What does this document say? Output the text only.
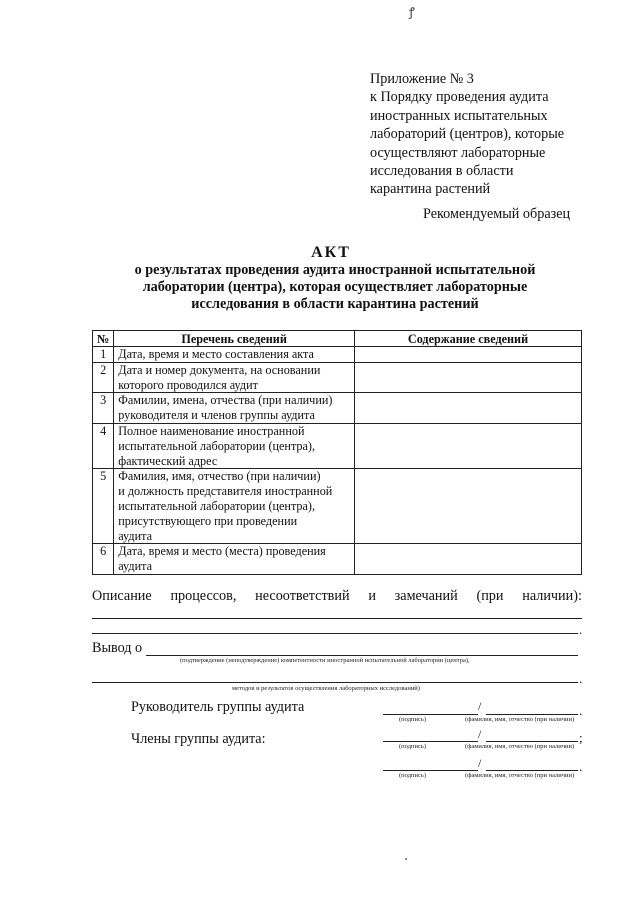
ꝭ
Приложение № 3
к Порядку проведения аудита
иностранных испытательных
лабораторий (центров), которые
осуществляют лабораторные
исследования в области
карантина растений
Рекомендуемый образец
АКТ
о результатах проведения аудита иностранной испытательной
лаборатории (центра), которая осуществляет лабораторные
исследования в области карантина растений
№	Перечень сведений	Содержание сведений
1	Дата, время и место составления акта	

2	Дата и номер документа, на основании
которого проводился аудит	

3	Фамилии, имена, отчества (при наличии)
руководителя и членов группы аудита	

4	Полное наименование иностранной
испытательной лаборатории (центра),
фактический адрес	

5	Фамилия, имя, отчество (при наличии)
и должность представителя иностранной
испытательной лаборатории (центра),
присутствующего при проведении
аудита	

6	Дата, время и место (места) проведения
аудита	

Описание процессов, несоответствий и замечаний (при наличии):
.
Вывод о
(подтверждение (неподтверждение) компетентности иностранной испытательной лаборатории (центра),
.
методов и результатов осуществления лабораторных исследований)
Руководитель группы аудита	/	.
(подпись)	(фамилия, имя, отчество (при наличии)
Члены группы аудита:	/	;
(подпись)	(фамилия, имя, отчество (при наличии)
/	.
(подпись)	(фамилия, имя, отчество (при наличии)
